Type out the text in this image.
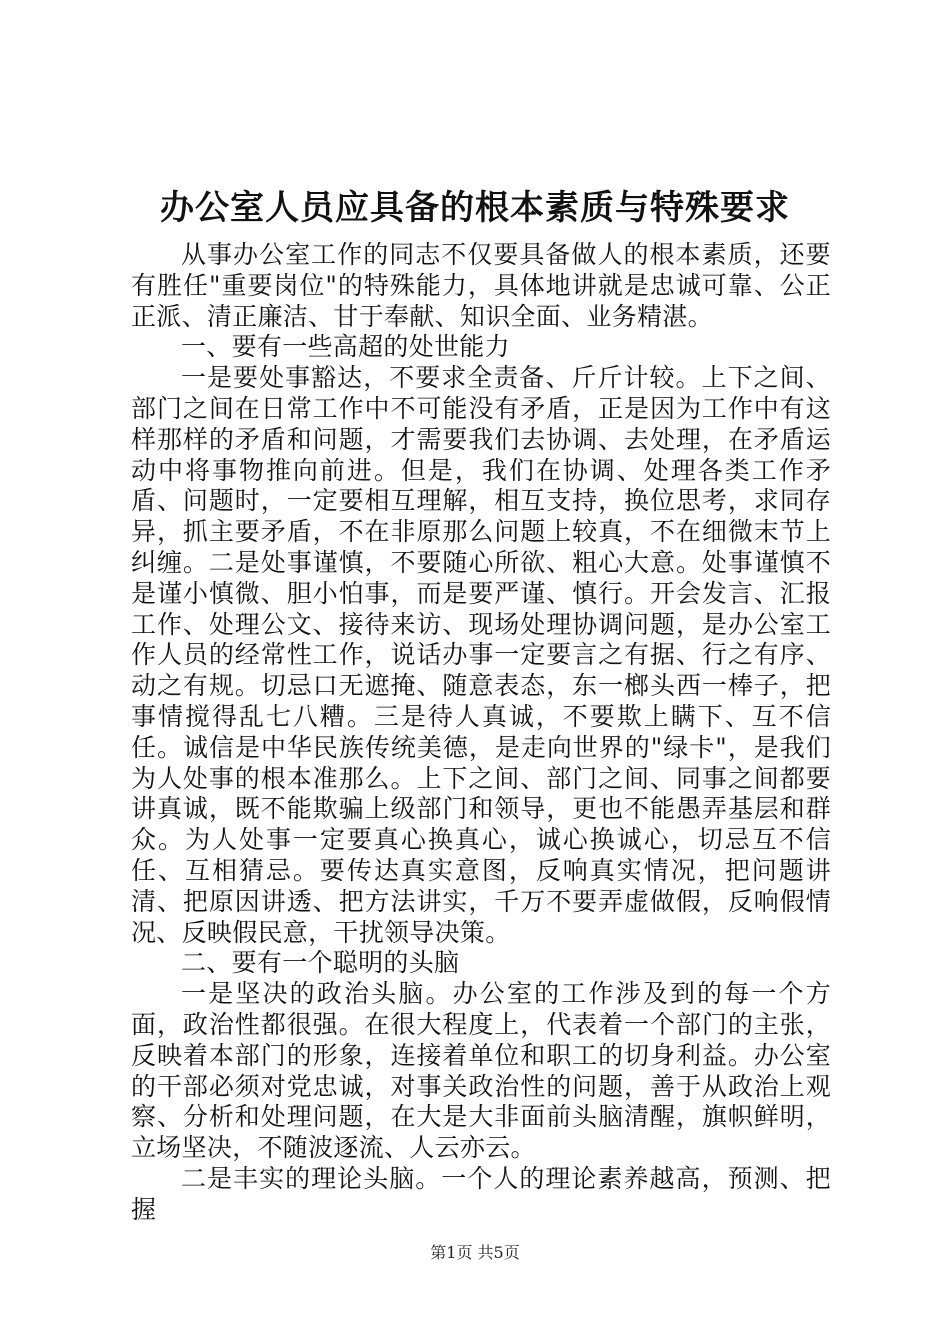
办公室人员应具备的根本素质与特殊要求

从事办公室工作的同志不仅要具备做人的根本素质，还要有胜任"重要岗位"的特殊能力，具体地讲就是忠诚可靠、公正正派、清正廉洁、甘于奉献、知识全面、业务精湛。

一、要有一些高超的处世能力

一是要处事豁达，不要求全责备、斤斤计较。上下之间、部门之间在日常工作中不可能没有矛盾，正是因为工作中有这样那样的矛盾和问题，才需要我们去协调、去处理，在矛盾运动中将事物推向前进。但是，我们在协调、处理各类工作矛盾、问题时，一定要相互理解，相互支持，换位思考，求同存异，抓主要矛盾，不在非原那么问题上较真，不在细微末节上纠缠。二是处事谨慎，不要随心所欲、粗心大意。处事谨慎不是谨小慎微、胆小怕事，而是要严谨、慎行。开会发言、汇报工作、处理公文、接待来访、现场处理协调问题，是办公室工作人员的经常性工作，说话办事一定要言之有据、行之有序、动之有规。切忌口无遮掩、随意表态，东一榔头西一棒子，把事情搅得乱七八糟。三是待人真诚，不要欺上瞒下、互不信任。诚信是中华民族传统美德，是走向世界的"绿卡"，是我们为人处事的根本准那么。上下之间、部门之间、同事之间都要讲真诚，既不能欺骗上级部门和领导，更也不能愚弄基层和群众。为人处事一定要真心换真心，诚心换诚心，切忌互不信任、互相猜忌。要传达真实意图，反响真实情况，把问题讲清、把原因讲透、把方法讲实，千万不要弄虚做假，反响假情况、反映假民意，干扰领导决策。

二、要有一个聪明的头脑

一是坚决的政治头脑。办公室的工作涉及到的每一个方面，政治性都很强。在很大程度上，代表着一个部门的主张，反映着本部门的形象，连接着单位和职工的切身利益。办公室的干部必须对党忠诚，对事关政治性的问题，善于从政治上观察、分析和处理问题，在大是大非面前头脑清醒，旗帜鲜明，立场坚决，不随波逐流、人云亦云。

二是丰实的理论头脑。一个人的理论素养越高，预测、把握

第1页 共5页
